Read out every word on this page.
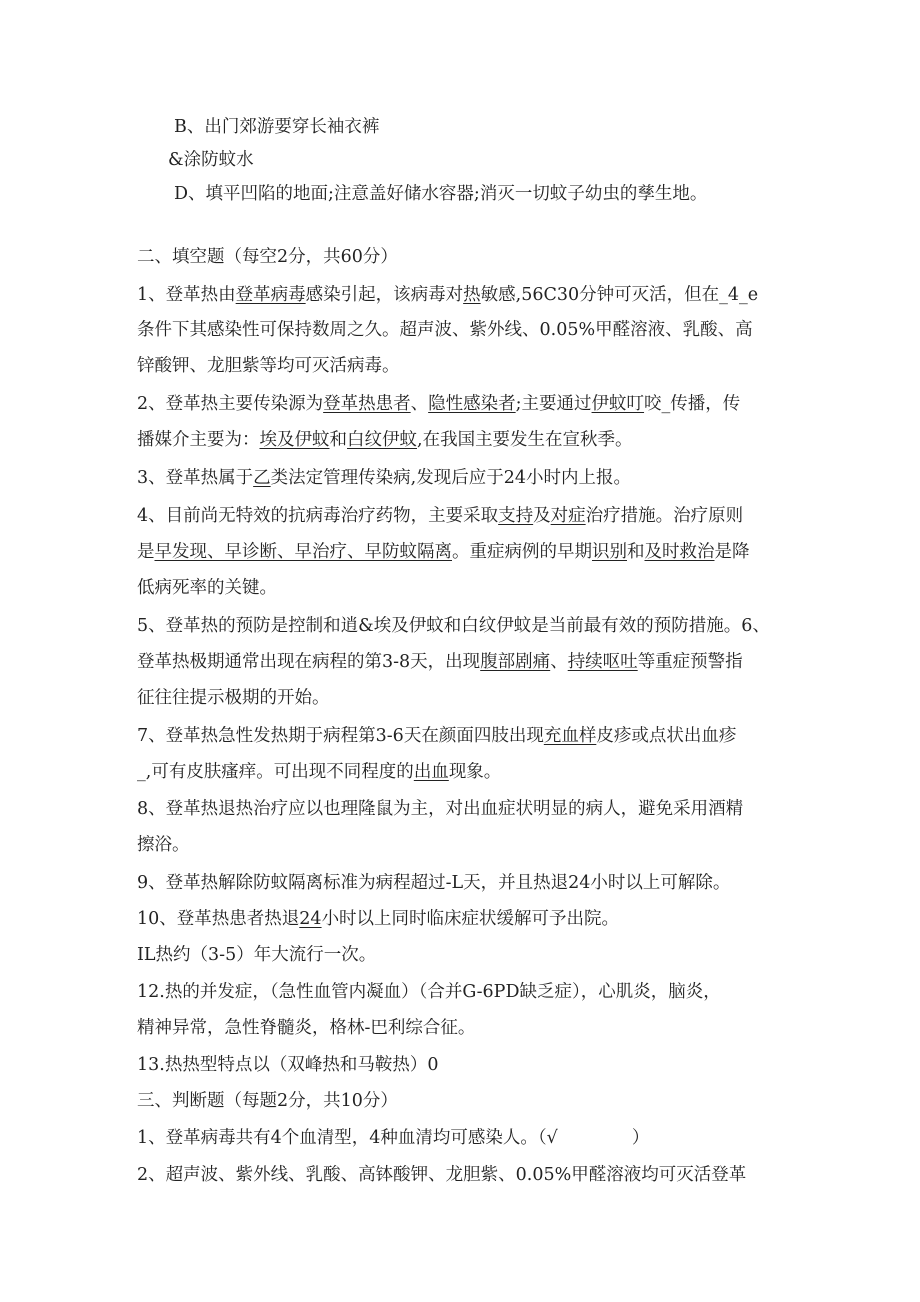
B、出门郊游要穿长袖衣裤
&涂防蚊水
D、填平凹陷的地面;注意盖好储水容器;消灭一切蚊子幼虫的孳生地。
二、填空题（每空2分，共60分）
1、登革热由登革病毒感染引起，该病毒对热敏感,56C30分钟可灭活，但在_4_e
条件下其感染性可保持数周之久。超声波、紫外线、0.05%甲醛溶液、乳酸、高
锌酸钾、龙胆紫等均可灭活病毒。
2、登革热主要传染源为登革热患者、隐性感染者;主要通过伊蚊叮咬_传播，传
播媒介主要为：埃及伊蚊和白纹伊蚊,在我国主要发生在宣秋季。
3、登革热属于乙类法定管理传染病,发现后应于24小时内上报。
4、目前尚无特效的抗病毒治疗药物，主要采取支持及对症治疗措施。治疗原则
是早发现、早诊断、早治疗、早防蚊隔离。重症病例的早期识别和及时救治是降
低病死率的关键。
5、登革热的预防是控制和逍&埃及伊蚊和白纹伊蚊是当前最有效的预防措施。6、
登革热极期通常出现在病程的第3-8天，出现腹部剧痛、持续呕吐等重症预警指
征往往提示极期的开始。
7、登革热急性发热期于病程第3-6天在颜面四肢出现充血样皮疹或点状出血疹
_,可有皮肤瘙痒。可出现不同程度的出血现象。
8、登革热退热治疗应以也理隆鼠为主，对出血症状明显的病人，避免采用酒精
擦浴。
9、登革热解除防蚊隔离标准为病程超过-L天，并且热退24小时以上可解除。
10、登革热患者热退24小时以上同时临床症状缓解可予出院。
IL热约（3-5）年大流行一次。
12.热的并发症，（急性血管内凝血）（合并G-6PD缺乏症），心肌炎，脑炎，
精神异常，急性脊髓炎，格林-巴利综合征。
13.热热型特点以（双峰热和马鞍热）0
三、判断题（每题2分，共10分）
1、登革病毒共有4个血清型，4种血清均可感染人。（√	）
2、超声波、紫外线、乳酸、高钵酸钾、龙胆紫、0.05%甲醛溶液均可灭活登革
